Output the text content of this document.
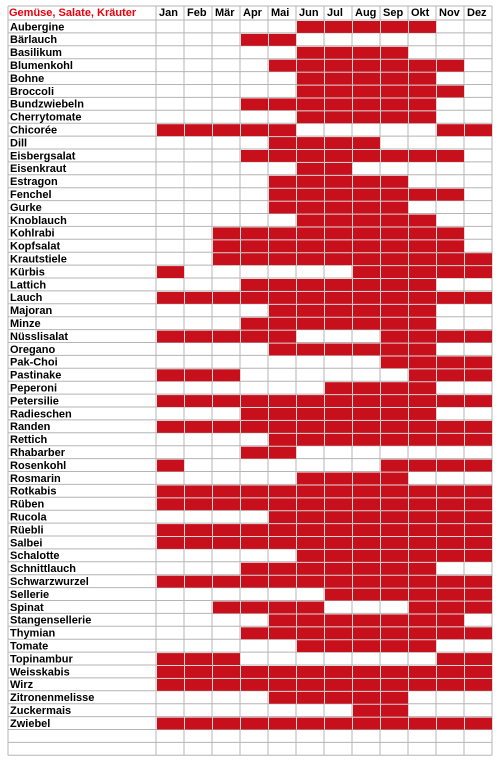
Gemüse, Salate, Kräuter Jan Feb Mär Apr Mai Jun Jul Aug Sep Okt Nov Dez
Aubergine
Bärlauch
Basilikum
Blumenkohl
Bohne
Broccoli
Bundzwiebeln
Cherrytomate
Chicorée
Dill
Eisbergsalat
Eisenkraut
Estragon
Fenchel
Gurke
Knoblauch
Kohlrabi
Kopfsalat
Krautstiele
Kürbis
Lattich
Lauch
Majoran
Minze
Nüsslisalat
Oregano
Pak-Choi
Pastinake
Peperoni
Petersilie
Radieschen
Randen
Rettich
Rhabarber
Rosenkohl
Rosmarin
Rotkabis
Rüben
Rucola
Rüebli
Salbei
Schalotte
Schnittlauch
Schwarzwurzel
Sellerie
Spinat
Stangensellerie
Thymian
Tomate
Topinambur
Weisskabis
Wirz
Zitronenmelisse
Zuckermais
Zwiebel
